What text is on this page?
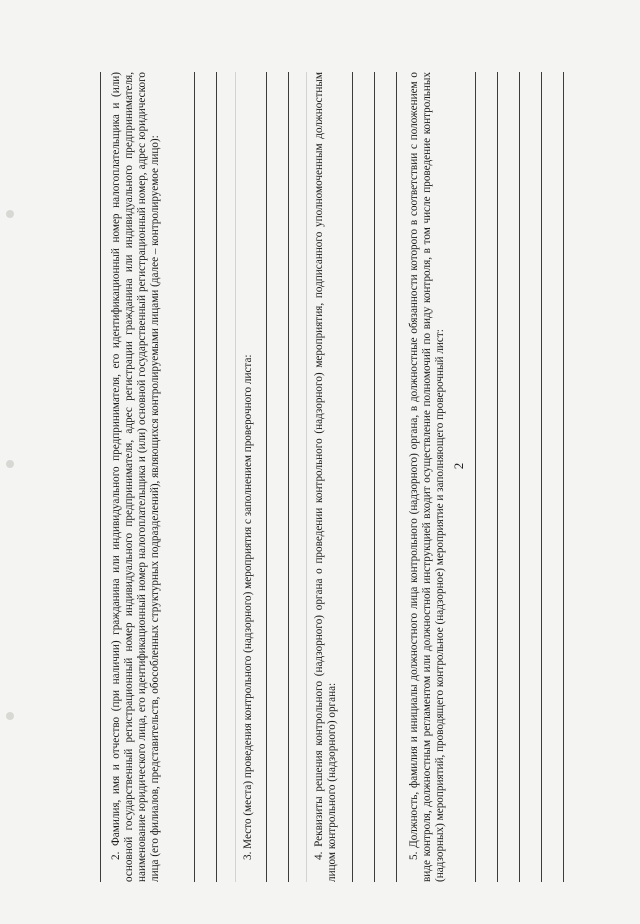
2

2. Фамилия, имя и отчество (при наличии) гражданина или индивидуального предпринимателя, его идентификационный номер налогоплательщика и (или) основной государственный регистрационный номер индивидуального предпринимателя, адрес регистрации гражданина или индивидуального предпринимателя, наименование юридического лица, его идентификационный номер налогоплательщика и (или) основной государственный регистрационный номер, адрес юридического лица (его филиалов, представительств, обособленных структурных подразделений), являющихся контролируемыми лицами (далее – контролируемое лицо):	3. Место (места) проведения контрольного (надзорного) мероприятия с заполнением проверочного листа:	4. Реквизиты решения контрольного (надзорного) органа о проведении контрольного (надзорного) мероприятия, подписанного уполномоченным должностным лицом контрольного (надзорного) органа:	5. Должность, фамилия и инициалы должностного лица контрольного (надзорного) органа, в должностные обязанности которого в соответствии с положением о виде контроля, должностным регламентом или должностной инструкцией входит осуществление полномочий по виду контроля, в том числе проведение контрольных (надзорных) мероприятий, проводящего контрольное (надзорное) мероприятие и заполняющего проверочный лист:
